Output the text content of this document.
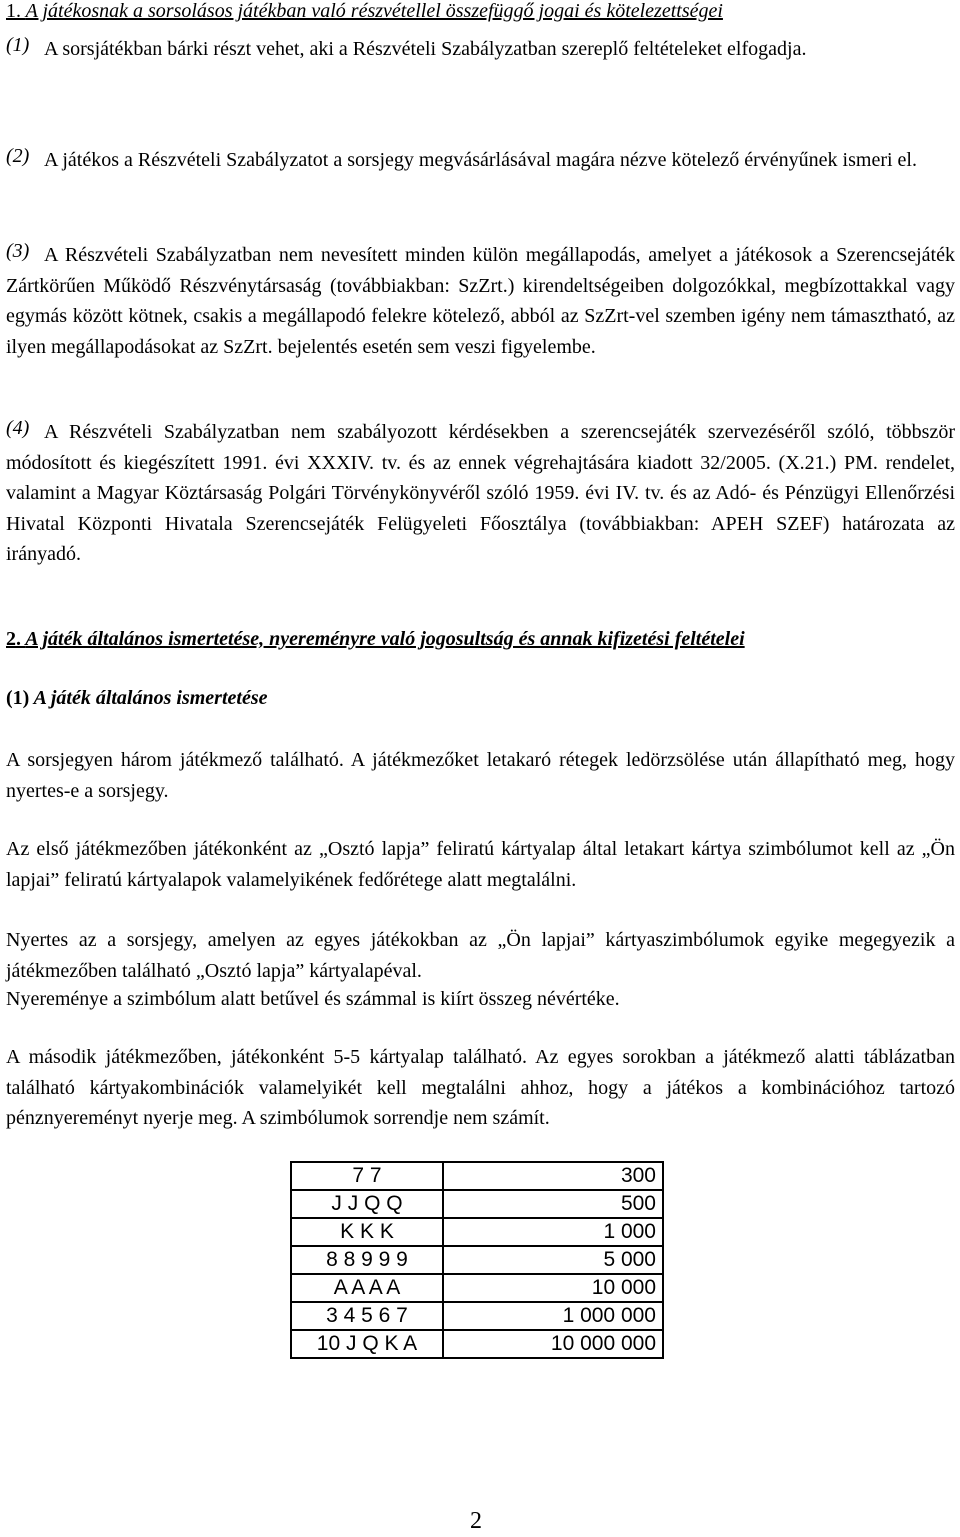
1. A játékosnak a sorsolásos játékban való részvétellel összefüggő jogai és kötelezettségei
(1) A sorsjátékban bárki részt vehet, aki a Részvételi Szabályzatban szereplő feltételeket elfogadja.
(2) A játékos a Részvételi Szabályzatot a sorsjegy megvásárlásával magára nézve kötelező érvényűnek ismeri el.
(3) A Részvételi Szabályzatban nem nevesített minden külön megállapodás, amelyet a játékosok a Szerencsejáték Zártkörűen Működő Részvénytársaság (továbbiakban: SzZrt.) kirendeltségeiben dolgozókkal, megbízottakkal vagy egymás között kötnek, csakis a megállapodó felekre kötelező, abból az SzZrt-vel szemben igény nem támasztható, az ilyen megállapodásokat az SzZrt. bejelentés esetén sem veszi figyelembe.
(4) A Részvételi Szabályzatban nem szabályozott kérdésekben a szerencsejáték szervezéséről szóló, többször módosított és kiegészített 1991. évi XXXIV. tv. és az ennek végrehajtására kiadott 32/2005. (X.21.) PM. rendelet, valamint a Magyar Köztársaság Polgári Törvénykönyvéről szóló 1959. évi IV. tv. és az Adó- és Pénzügyi Ellenőrzési Hivatal Központi Hivatala Szerencsejáték Felügyeleti Főosztálya (továbbiakban: APEH SZEF) határozata az irányadó.
2. A játék általános ismertetése, nyereményre való jogosultság és annak kifizetési feltételei
(1) A játék általános ismertetése
A sorsjegyen három játékmező található. A játékmezőket letakaró rétegek ledörzsölése után állapítható meg, hogy nyertes-e a sorsjegy.
Az első játékmezőben játékonként az „Osztó lapja” feliratú kártyalap által letakart kártya szimbólumot kell az „Ön lapjai” feliratú kártyalapok valamelyikének fedőrétege alatt megtalálni.
Nyertes az a sorsjegy, amelyen az egyes játékokban az „Ön lapjai” kártyaszimbólumok egyike megegyezik a játékmezőben található „Osztó lapja” kártyalapéval.
Nyereménye a szimbólum alatt betűvel és számmal is kiírt összeg névértéke.
A második játékmezőben, játékonként 5-5 kártyalap található. Az egyes sorokban a játékmező alatti táblázatban található kártyakombinációk valamelyikét kell megtalálni ahhoz, hogy a játékos a kombinációhoz tartozó pénznyereményt nyerje meg. A szimbólumok sorrendje nem számít.
7 7	300
J J Q Q	500
K K K	1 000
8 8 9 9 9	5 000
A A A A	10 000
3 4 5 6 7	1 000 000
10 J Q K A	10 000 000
2
